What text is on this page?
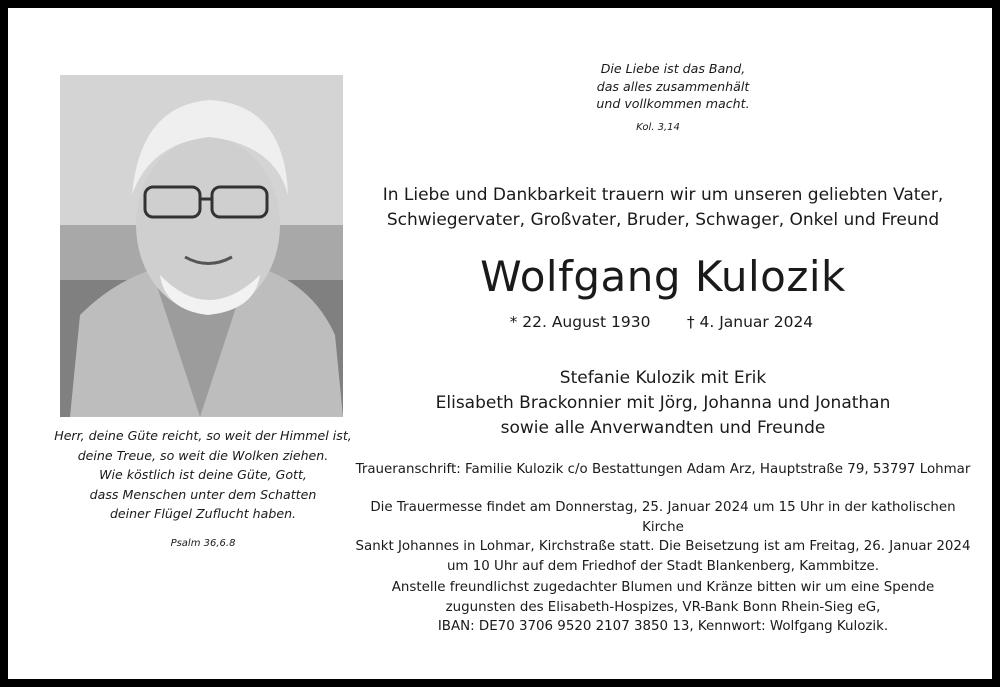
Die Liebe ist das Band,
das alles zusammenhält
und vollkommen macht.
Kol. 3,14
In Liebe und Dankbarkeit trauern wir um unseren geliebten Vater,
Schwiegervater, Großvater, Bruder, Schwager, Onkel und Freund
Wolfgang Kulozik
* 22. August 1930	† 4. Januar 2024
Stefanie Kulozik mit Erik
Elisabeth Brackonnier mit Jörg, Johanna und Jonathan
sowie alle Anverwandten und Freunde
Traueranschrift: Familie Kulozik c/o Bestattungen Adam Arz, Hauptstraße 79, 53797 Lohmar
Die Trauermesse findet am Donnerstag, 25. Januar 2024 um 15 Uhr in der katholischen Kirche
Sankt Johannes in Lohmar, Kirchstraße statt. Die Beisetzung ist am Freitag, 26. Januar 2024
um 10 Uhr auf dem Friedhof der Stadt Blankenberg, Kammbitze.
Anstelle freundlichst zugedachter Blumen und Kränze bitten wir um eine Spende
zugunsten des Elisabeth-Hospizes, VR-Bank Bonn Rhein-Sieg eG,
IBAN: DE70 3706 9520 2107 3850 13, Kennwort: Wolfgang Kulozik.
Herr, deine Güte reicht, so weit der Himmel ist,
deine Treue, so weit die Wolken ziehen.
Wie köstlich ist deine Güte, Gott,
dass Menschen unter dem Schatten
deiner Flügel Zuflucht haben.
Psalm 36,6.8
